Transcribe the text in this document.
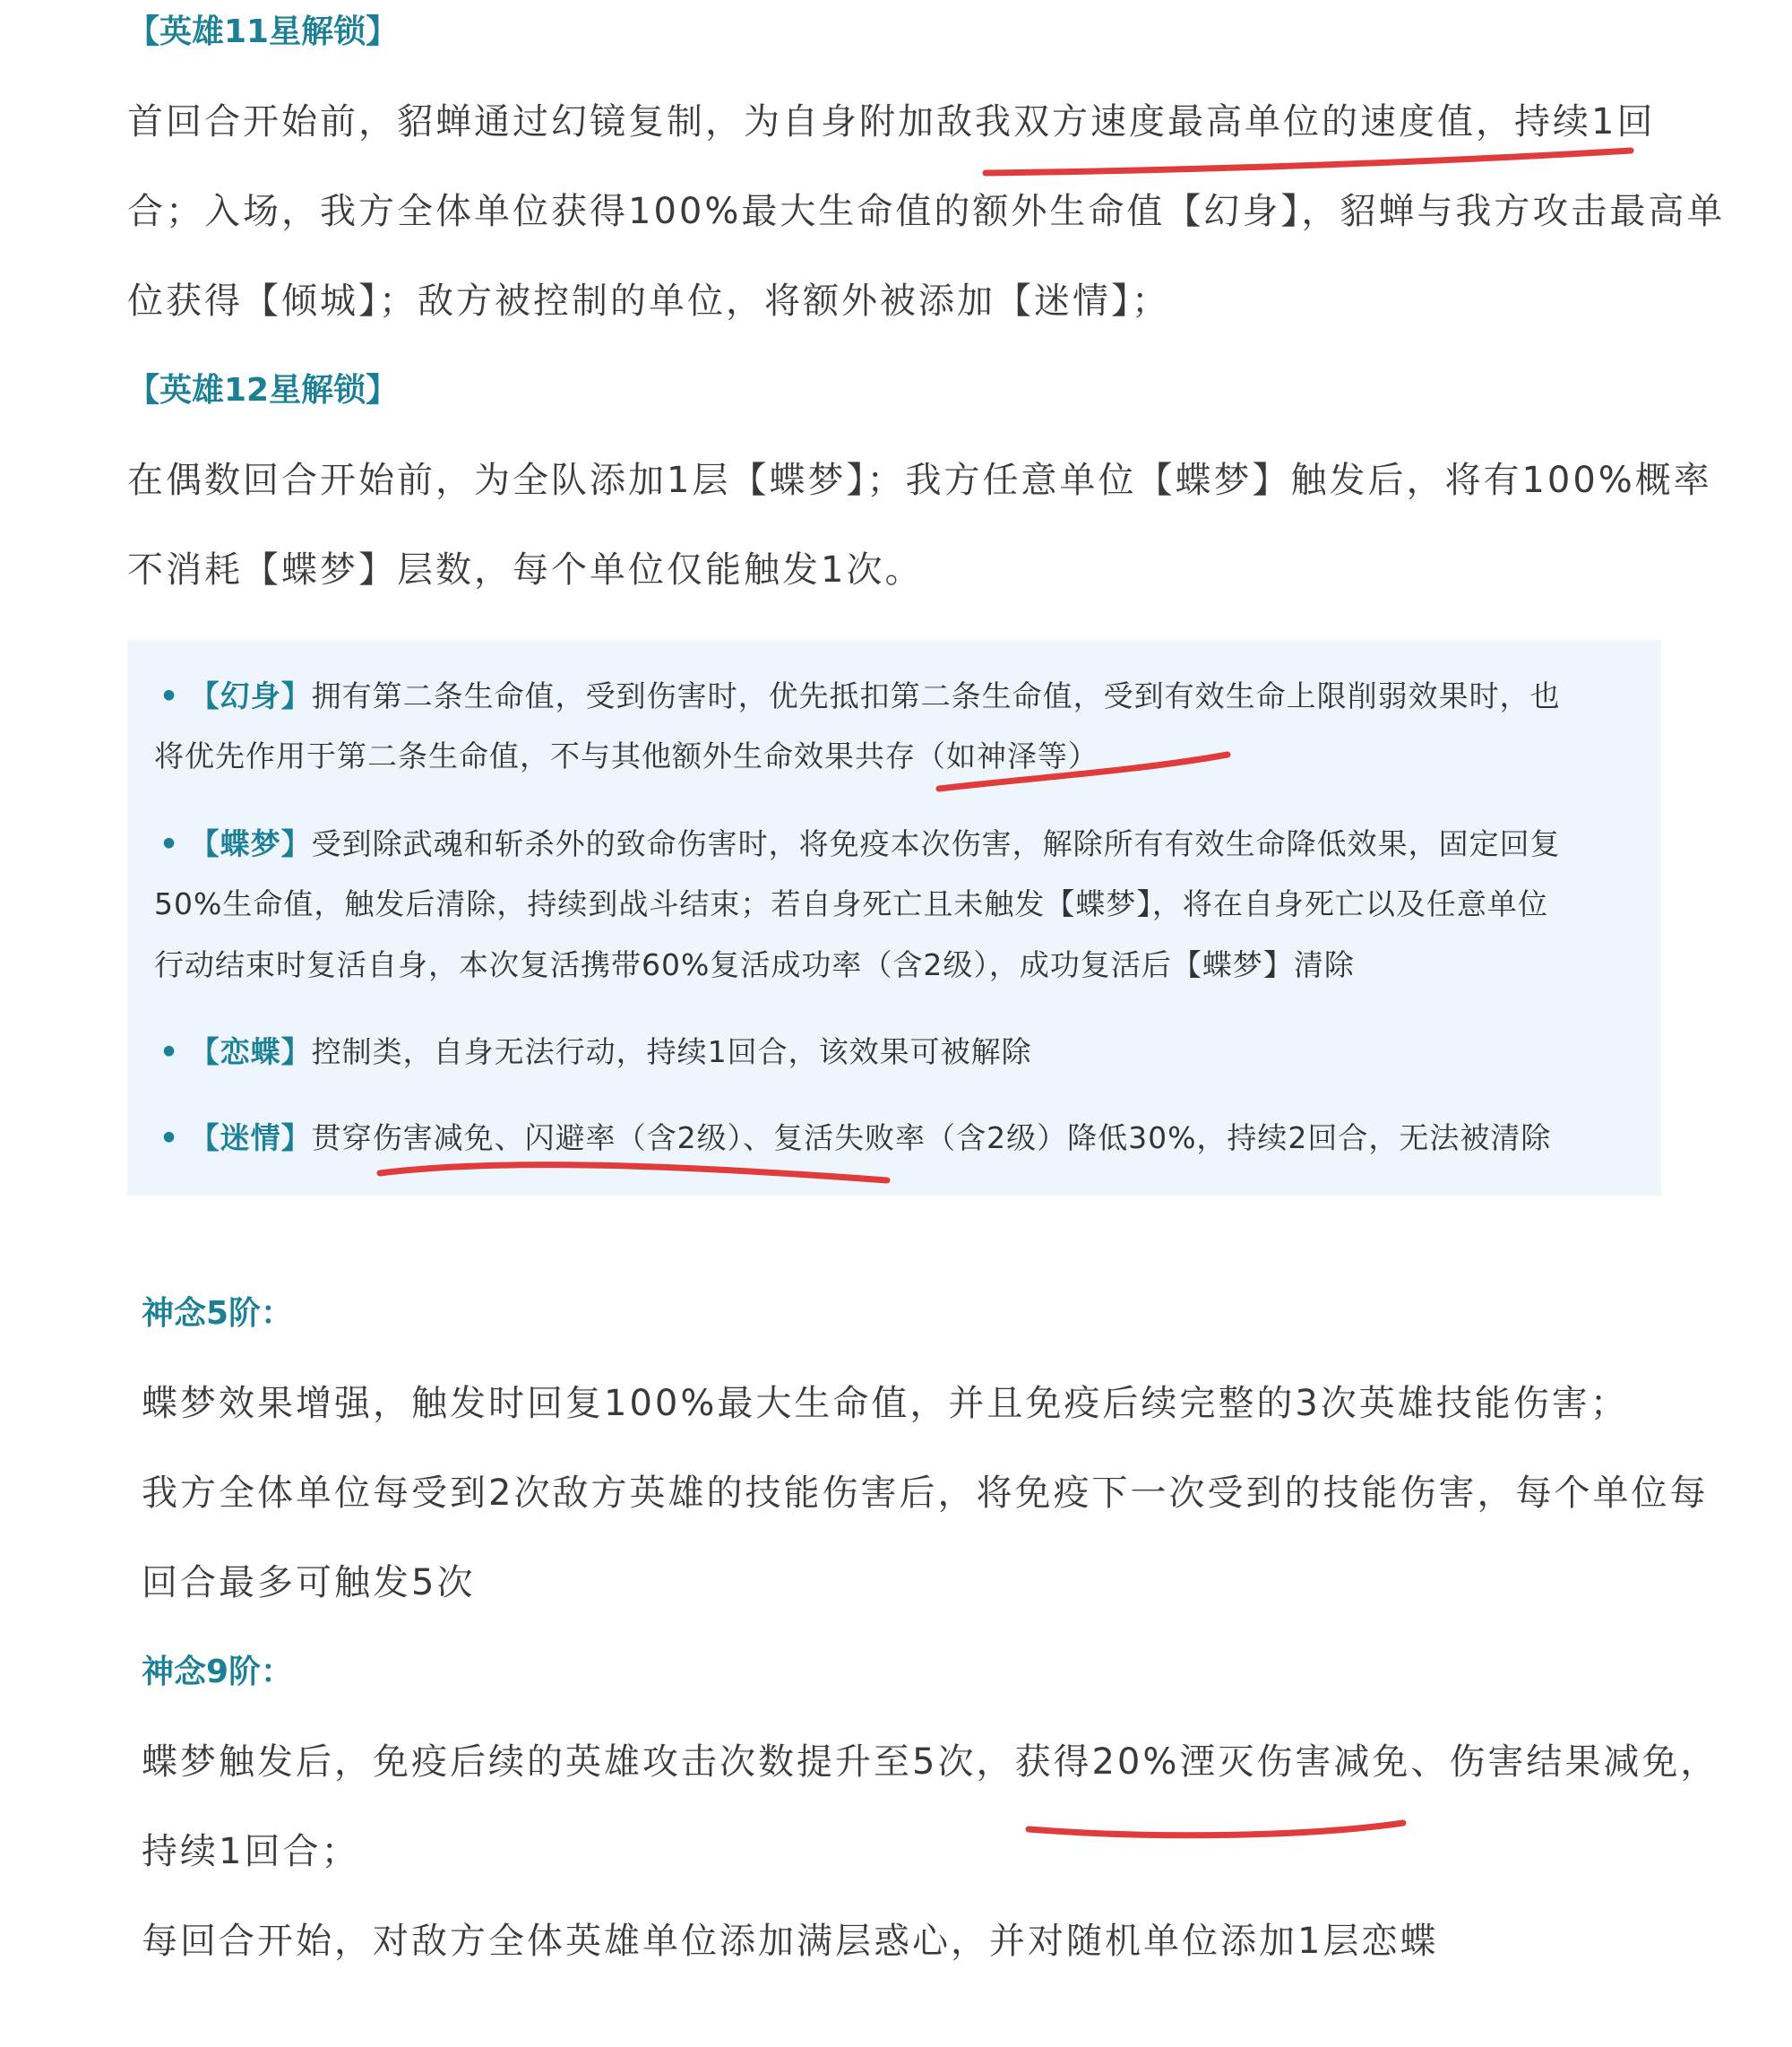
【英雄11星解锁】
首回合开始前，貂蝉通过幻镜复制，为自身附加敌我双方速度最高单位的速度值，持续1回
合；入场，我方全体单位获得100%最大生命值的额外生命值【幻身】，貂蝉与我方攻击最高单
位获得【倾城】；敌方被控制的单位，将额外被添加【迷情】；
【英雄12星解锁】
在偶数回合开始前，为全队添加1层【蝶梦】；我方任意单位【蝶梦】触发后，将有100%概率
不消耗【蝶梦】层数，每个单位仅能触发1次。
• 【幻身】拥有第二条生命值，受到伤害时，优先抵扣第二条生命值，受到有效生命上限削弱效果时，也
将优先作用于第二条生命值，不与其他额外生命效果共存（如神泽等）
• 【蝶梦】受到除武魂和斩杀外的致命伤害时，将免疫本次伤害，解除所有有效生命降低效果，固定回复
50%生命值，触发后清除，持续到战斗结束；若自身死亡且未触发【蝶梦】，将在自身死亡以及任意单位
行动结束时复活自身，本次复活携带60%复活成功率（含2级），成功复活后【蝶梦】清除
• 【恋蝶】控制类，自身无法行动，持续1回合，该效果可被解除
• 【迷情】贯穿伤害减免、闪避率（含2级）、复活失败率（含2级）降低30%，持续2回合，无法被清除
神念5阶：
蝶梦效果增强，触发时回复100%最大生命值，并且免疫后续完整的3次英雄技能伤害；
我方全体单位每受到2次敌方英雄的技能伤害后，将免疫下一次受到的技能伤害，每个单位每
回合最多可触发5次
神念9阶：
蝶梦触发后，免疫后续的英雄攻击次数提升至5次，获得20%湮灭伤害减免、伤害结果减免，
持续1回合；
每回合开始，对敌方全体英雄单位添加满层惑心，并对随机单位添加1层恋蝶
